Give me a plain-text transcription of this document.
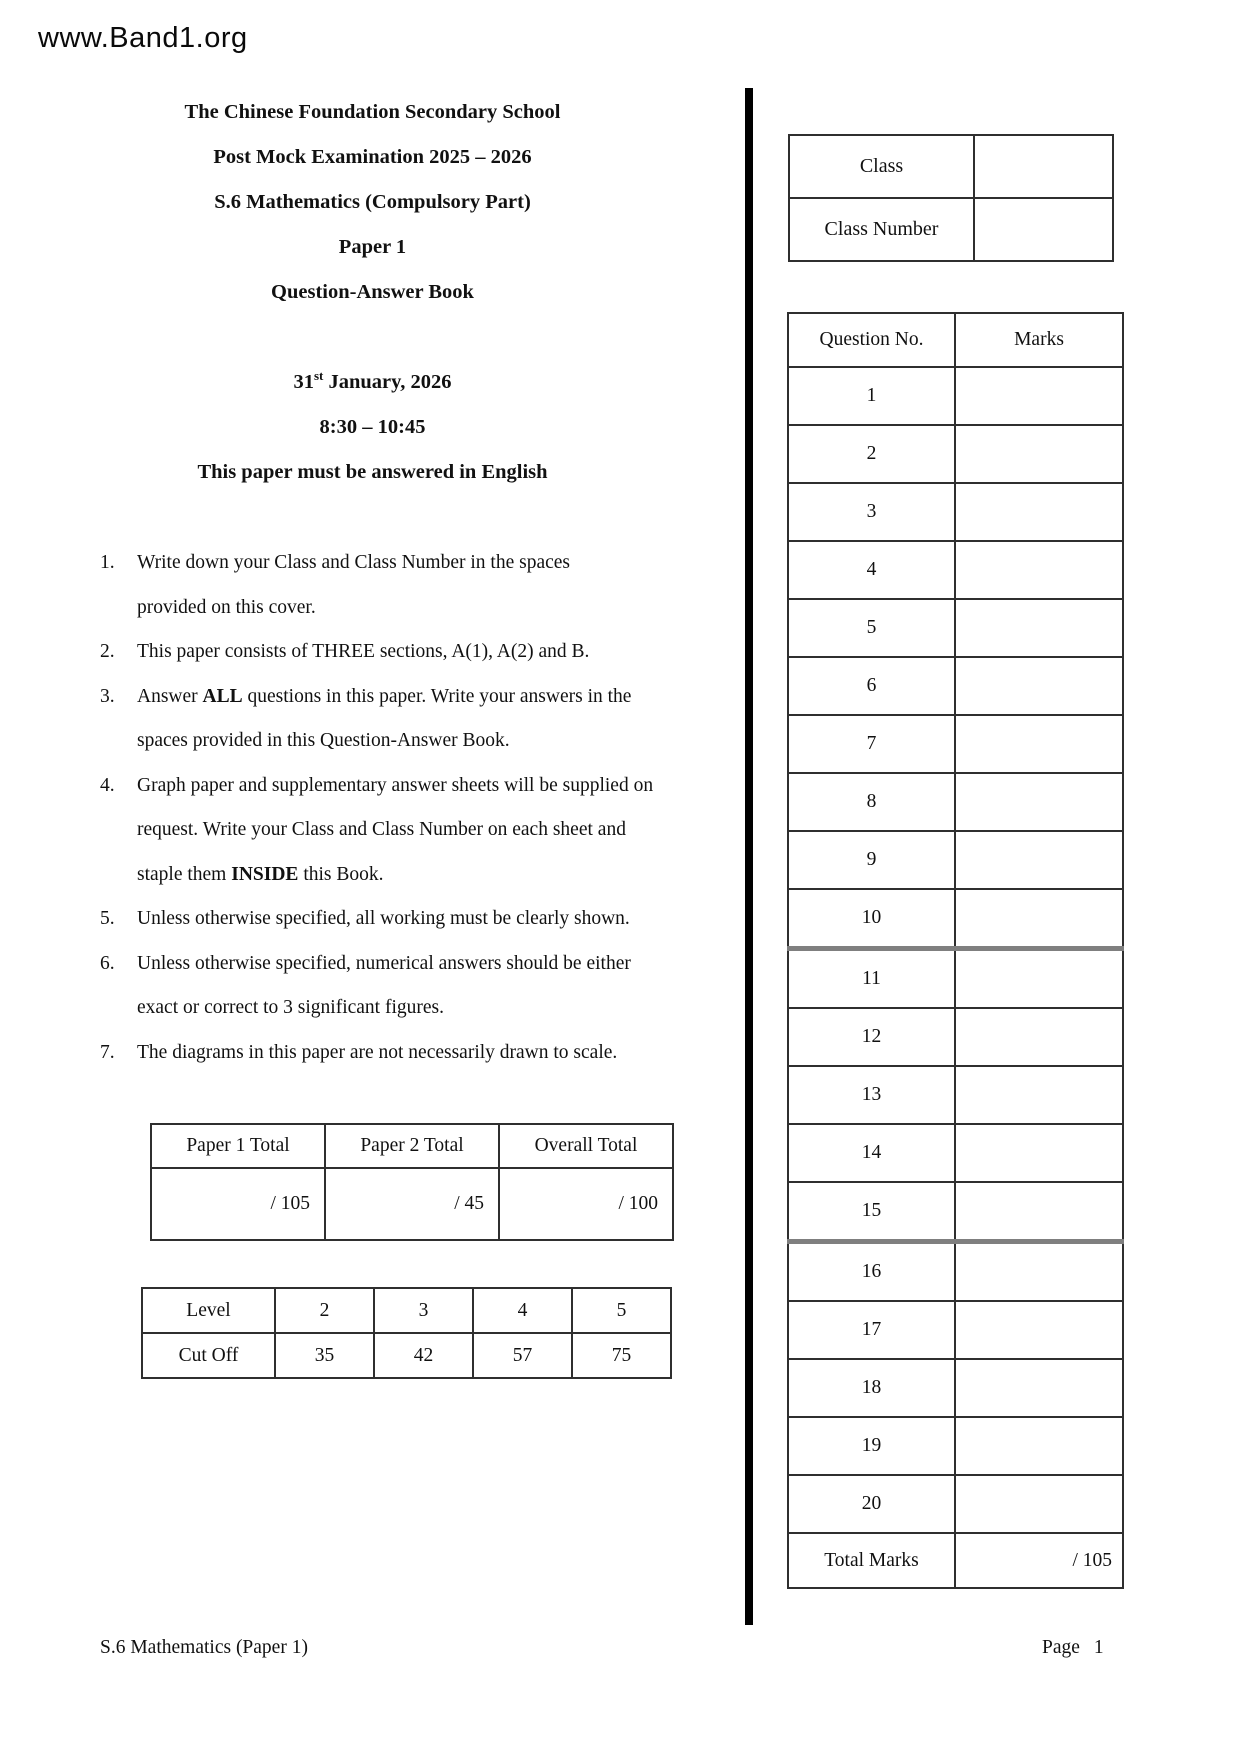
www.Band1.org
The Chinese Foundation Secondary School
Post Mock Examination 2025 – 2026
S.6 Mathematics (Compulsory Part)
Paper 1
Question-Answer Book
31st January, 2026
8:30 – 10:45
This paper must be answered in English
1.	Write down your Class and Class Number in the spaces
provided on this cover.
2.	This paper consists of THREE sections, A(1), A(2) and B.
3.	Answer ALL questions in this paper. Write your answers in the
spaces provided in this Question-Answer Book.
4.	Graph paper and supplementary answer sheets will be supplied on
request. Write your Class and Class Number on each sheet and
staple them INSIDE this Book.
5.	Unless otherwise specified, all working must be clearly shown.
6.	Unless otherwise specified, numerical answers should be either
exact or correct to 3 significant figures.
7.	The diagrams in this paper are not necessarily drawn to scale.
Paper 1 Total	Paper 2 Total	Overall Total
/ 105	/ 45	/ 100
Level	2	3	4	5
Cut Off	35	42	57	75
Class	
Class Number	
Question No.	Marks
1	
2	
3	
4	
5	
6	
7	
8	
9	
10	
11	
12	
13	
14	
15	
16	
17	
18	
19	
20	
Total Marks	/ 105
S.6 Mathematics (Paper 1)	Page 1
